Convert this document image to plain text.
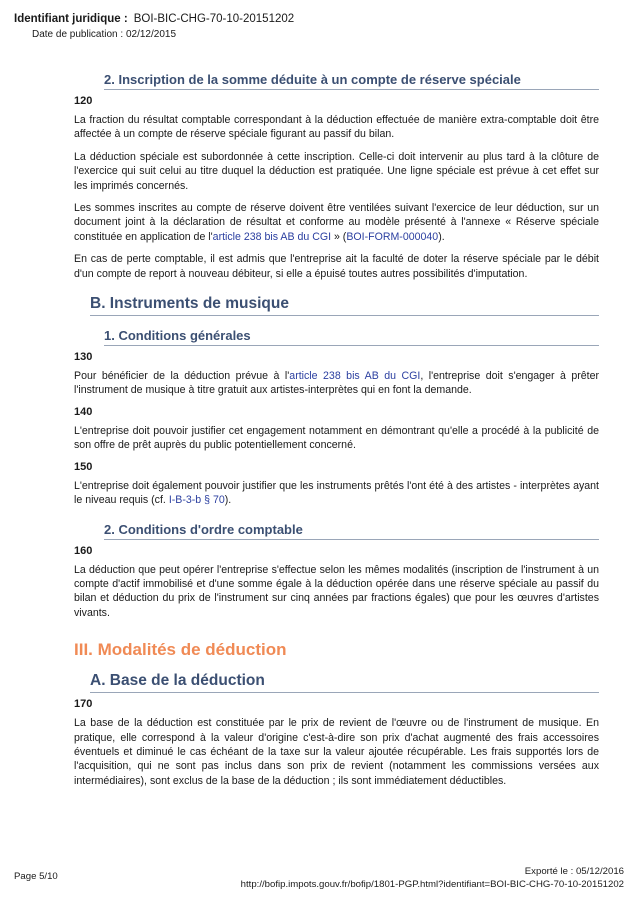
Identifiant juridique : BOI-BIC-CHG-70-10-20151202
Date de publication : 02/12/2015
2. Inscription de la somme déduite à un compte de réserve spéciale
120

La fraction du résultat comptable correspondant à la déduction effectuée de manière extra-comptable doit être affectée à un compte de réserve spéciale figurant au passif du bilan.

La déduction spéciale est subordonnée à cette inscription. Celle-ci doit intervenir au plus tard à la clôture de l'exercice qui suit celui au titre duquel la déduction est pratiquée. Une ligne spéciale est prévue à cet effet sur les imprimés concernés.

Les sommes inscrites au compte de réserve doivent être ventilées suivant l'exercice de leur déduction, sur un document joint à la déclaration de résultat et conforme au modèle présenté à l'annexe « Réserve spéciale constituée en application de l'article 238 bis AB du CGI » (BOI-FORM-000040).

En cas de perte comptable, il est admis que l'entreprise ait la faculté de doter la réserve spéciale par le débit d'un compte de report à nouveau débiteur, si elle a épuisé toutes autres possibilités d'imputation.

B. Instruments de musique
1. Conditions générales
130

Pour bénéficier de la déduction prévue à l'article 238 bis AB du CGI, l'entreprise doit s'engager à prêter l'instrument de musique à titre gratuit aux artistes-interprètes qui en font la demande.

140

L'entreprise doit pouvoir justifier cet engagement notamment en démontrant qu'elle a procédé à la publicité de son offre de prêt auprès du public potentiellement concerné.

150

L'entreprise doit également pouvoir justifier que les instruments prêtés l'ont été à des artistes - interprètes ayant le niveau requis (cf. I-B-3-b § 70).

2. Conditions d'ordre comptable
160

La déduction que peut opérer l'entreprise s'effectue selon les mêmes modalités (inscription de l'instrument à un compte d'actif immobilisé et d'une somme égale à la déduction opérée dans une réserve spéciale au passif du bilan et déduction du prix de l'instrument sur cinq années par fractions égales) que pour les œuvres d'artistes vivants.

III. Modalités de déduction
A. Base de la déduction
170

La base de la déduction est constituée par le prix de revient de l'œuvre ou de l'instrument de musique. En pratique, elle correspond à la valeur d'origine c'est-à-dire son prix d'achat augmenté des frais accessoires éventuels et diminué le cas échéant de la taxe sur la valeur ajoutée récupérable. Les frais supportés lors de l'acquisition, qui ne sont pas inclus dans son prix de revient (notamment les commissions versées aux intermédiaires), sont exclus de la base de la déduction ; ils sont immédiatement déductibles.

Page 5/10	Exporté le : 05/12/2016
http://bofip.impots.gouv.fr/bofip/1801-PGP.html?identifiant=BOI-BIC-CHG-70-10-20151202
